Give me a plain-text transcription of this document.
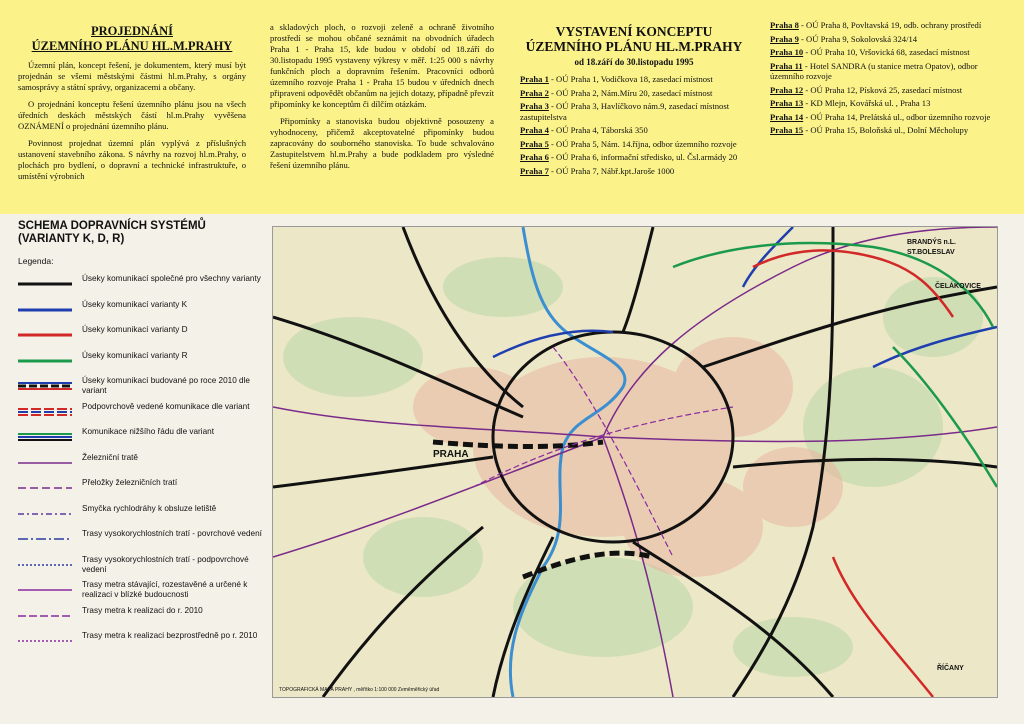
PROJEDNÁNÍ
ÚZEMNÍHO PLÁNU HL.M.PRAHY

Územní plán, koncept řešení, je dokumentem, který musí být projednán se všemi městskými částmi hl.m.Prahy, s orgány samosprávy a státní správy, organizacemi a občany.

O projednání konceptu řešení územního plánu jsou na všech úředních deskách městských částí hl.m.Prahy vyvěšena OZNÁMENÍ o projednání územního plánu.

Povinnost projednat územní plán vyplývá z příslušných ustanovení stavebního zákona. S návrhy na rozvoj hl.m.Prahy, o plochách pro bydlení, o dopravní a technické infrastruktuře, o umístění výrobních

a skladových ploch, o rozvoji zeleně a ochraně životního prostředí se mohou občané seznámit na obvodních úřadech Praha 1 - Praha 15, kde budou v období od 18.září do 30.listopadu 1995 vystaveny výkresy v měř. 1:25 000 s návrhy funkčních ploch a dopravním řešením. Pracovníci odborů územního rozvoje Praha 1 - Praha 15 budou v úředních dnech připraveni odpovědět občanům na jejich dotazy, případně převzít připomínky ke konceptům či dílčím otázkám.

Připomínky a stanoviska budou objektivně posouzeny a vyhodnoceny, přičemž akceptovatelné připomínky budou zapracovány do souborného stanoviska. To bude schvalováno Zastupitelstvem hl.m.Prahy a bude podkladem pro výsledné řešení územního plánu.

VYSTAVENÍ KONCEPTU
ÚZEMNÍHO PLÁNU HL.M.PRAHY
od 18.září do 30.listopadu 1995
Praha 1 - OÚ Praha 1, Vodičkova 18, zasedací místnost
Praha 2 - OÚ Praha 2, Nám.Míru 20, zasedací místnost
Praha 3 - OÚ Praha 3, Havlíčkovo nám.9, zasedací místnost zastupitelstva
Praha 4 - OÚ Praha 4, Táborská 350
Praha 5 - OÚ Praha 5, Nám. 14.října, odbor územního rozvoje
Praha 6 - OÚ Praha 6, informační středisko, ul. Čsl.armády 20
Praha 7 - OÚ Praha 7, Nábř.kpt.Jaroše 1000
Praha 8 - OÚ Praha 8, Povltavská 19, odb. ochrany prostředí
Praha 9 - OÚ Praha 9, Sokolovská 324/14
Praha 10 - OÚ Praha 10, Vršovická 68, zasedací místnost
Praha 11 - Hotel SANDRA (u stanice metra Opatov), odbor územního rozvoje
Praha 12 - OÚ Praha 12, Písková 25, zasedací místnost
Praha 13 - KD Mlejn, Kovářská ul. , Praha 13
Praha 14 - OÚ Praha 14, Prelátská ul., odbor územního rozvoje
Praha 15 - OÚ Praha 15, Boloňská ul., Dolní Měcholupy
SCHEMA DOPRAVNÍCH SYSTÉMŮ
(VARIANTY K, D, R)
Legenda:
Úseky komunikací společné pro všechny varianty
Úseky komunikací varianty K
Úseky komunikací varianty D
Úseky komunikací varianty R
Úseky komunikací budované po roce 2010 dle variant
Podpovrchově vedené komunikace dle variant
Komunikace nižšího řádu dle variant
Železniční tratě
Přeložky železničních tratí
Smyčka rychlodráhy k obsluze letiště
Trasy vysokorychlostních tratí - povrchové vedení
Trasy vysokorychlostních tratí - podpovrchové vedení
Trasy metra stávající, rozestavěné a určené k realizaci v blízké budoucnosti
Trasy metra k realizaci do r. 2010
Trasy metra k realizaci bezprostředně po r. 2010
PRAHA
BRANDÝS n.L.
ST.BOLESLAV
ČELÁKOVICE
ŘÍČANY
TOPOGRAFICKÁ MAPA PRAHY , měřítko 1:100 000 Zeměměřický úřad
